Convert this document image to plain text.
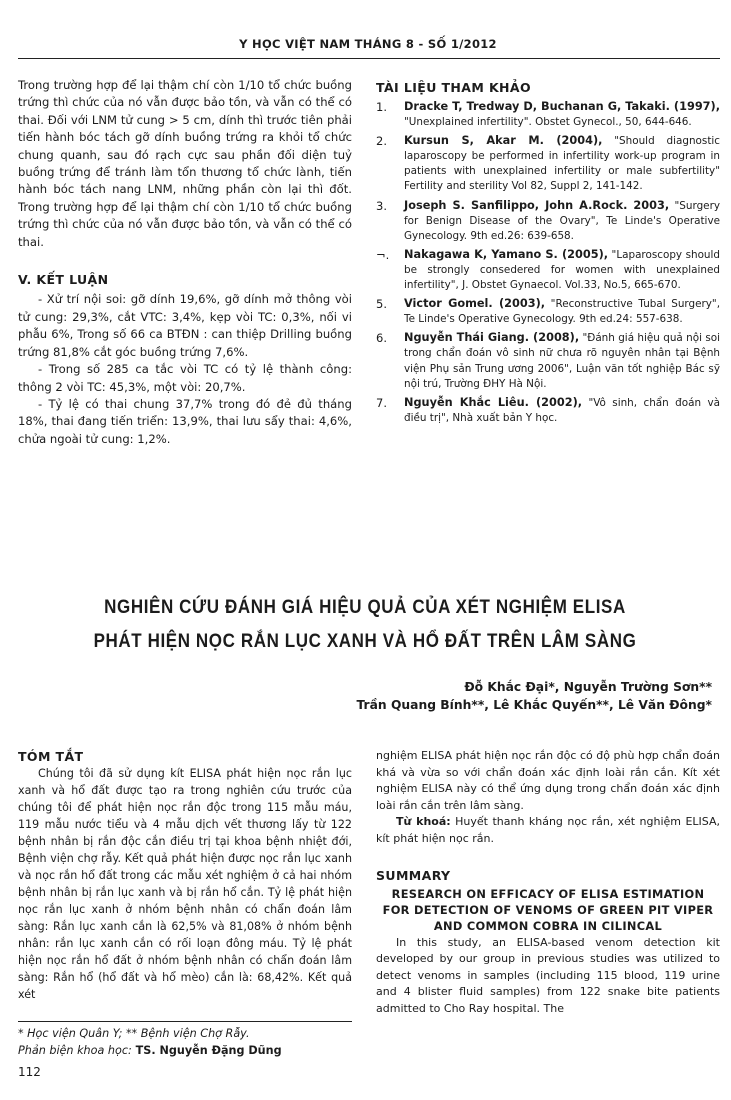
Y HỌC VIỆT NAM THÁNG 8 - SỐ 1/2012

Trong trường hợp để lại thậm chí còn 1/10 tổ chức buồng trứng thì chức của nó vẫn được bảo tồn, và vẫn có thể có thai. Đối với LNM tử cung > 5 cm, dính thì trước tiên phải tiến hành bóc tách gỡ dính buồng trứng ra khỏi tổ chức chung quanh, sau đó rạch cực sau phần đối diện tuỷ buồng trứng để tránh làm tổn thương tổ chức lành, tiến hành bóc tách nang LNM, những phần còn lại thì đốt. Trong trường hợp để lại thậm chí còn 1/10 tổ chức buồng trứng thì chức của nó vẫn được bảo tồn, và vẫn có thể có thai.

V. KẾT LUẬN

- Xử trí nội soi: gỡ dính 19,6%, gỡ dính mở thông vòi tử cung: 29,3%, cắt VTC: 3,4%, kẹp vòi TC: 0,3%, nối vi phẫu 6%, Trong số 66 ca BTĐN : can thiệp Drilling buồng trứng 81,8% cắt góc buồng trứng 7,6%.

- Trong số 285 ca tắc vòi TC có tỷ lệ thành công: thông 2 vòi TC: 45,3%, một vòi: 20,7%.

- Tỷ lệ có thai chung 37,7% trong đó đẻ đủ tháng 18%, thai đang tiến triển: 13,9%, thai lưu sẩy thai: 4,6%, chửa ngoài tử cung: 1,2%.

TÀI LIỆU THAM KHẢO
1.	Dracke T, Tredway D, Buchanan G, Takaki. (1997), "Unexplained infertility". Obstet Gynecol., 50, 644-646.
2.	Kursun S, Akar M. (2004), "Should diagnostic laparoscopy be performed in infertility work-up program in patients with unexplained infertility or male subfertility" Fertility and sterility Vol 82, Suppl 2, 141-142.
3.	Joseph S. Sanfilippo, John A.Rock. 2003, "Surgery for Benign Disease of the Ovary", Te Linde's Operative Gynecology. 9th ed.26: 639-658.
¬.	Nakagawa K, Yamano S. (2005), "Laparoscopy should be strongly consedered for women with unexplained infertility", J. Obstet Gynaecol. Vol.33, No.5, 665-670.
5.	Victor Gomel. (2003), "Reconstructive Tubal Surgery", Te Linde's Operative Gynecology. 9th ed.24: 557-638.
6.	Nguyễn Thái Giang. (2008), "Đánh giá hiệu quả nội soi trong chẩn đoán vô sinh nữ chưa rõ nguyên nhân tại Bệnh viện Phụ sản Trung ương 2006", Luận văn tốt nghiệp Bác sỹ nội trú, Trường ĐHY Hà Nội.
7.	Nguyễn Khắc Liêu. (2002), "Vô sinh, chẩn đoán và điều trị", Nhà xuất bản Y học.
NGHIÊN CỨU ĐÁNH GIÁ HIỆU QUẢ CỦA XÉT NGHIỆM ELISA
PHÁT HIỆN NỌC RẮN LỤC XANH VÀ HỔ ĐẤT TRÊN LÂM SÀNG
Đỗ Khắc Đại*, Nguyễn Trường Sơn**
Trần Quang Bính**, Lê Khắc Quyến**, Lê Văn Đông*
TÓM TẮT

Chúng tôi đã sử dụng kít ELISA phát hiện nọc rắn lục xanh và hổ đất được tạo ra trong nghiên cứu trước của chúng tôi để phát hiện nọc rắn độc trong 115 mẫu máu, 119 mẫu nước tiểu và 4 mẫu dịch vết thương lấy từ 122 bệnh nhân bị rắn độc cắn điều trị tại khoa bệnh nhiệt đới, Bệnh viện chợ rẫy. Kết quả phát hiện được nọc rắn lục xanh và nọc rắn hổ đất trong các mẫu xét nghiệm ở cả hai nhóm bệnh nhân bị rắn lục xanh và bị rắn hổ cắn. Tỷ lệ phát hiện nọc rắn lục xanh ở nhóm bệnh nhân có chẩn đoán lâm sàng: Rắn lục xanh cắn là 62,5% và 81,08% ở nhóm bệnh nhân: rắn lục xanh cắn có rối loạn đông máu. Tỷ lệ phát hiện nọc rắn hổ đất ở nhóm bệnh nhân có chẩn đoán lâm sàng: Rắn hổ (hổ đất và hổ mèo) cắn là: 68,42%. Kết quả xét

nghiệm ELISA phát hiện nọc rắn độc có độ phù hợp chẩn đoán khá và vừa so với chẩn đoán xác định loài rắn cắn. Kít xét nghiệm ELISA này có thể ứng dụng trong chẩn đoán xác định loài rắn cắn trên lâm sàng.

Từ khoá: Huyết thanh kháng nọc rắn, xét nghiệm ELISA, kít phát hiện nọc rắn.

SUMMARY
RESEARCH ON EFFICACY OF ELISA ESTIMATION FOR DETECTION OF VENOMS OF GREEN PIT VIPER AND COMMON COBRA IN CILINCAL

In this study, an ELISA-based venom detection kit developed by our group in previous studies was utilized to detect venoms in samples (including 115 blood, 119 urine and 4 blister fluid samples) from 122 snake bite patients admitted to Cho Ray hospital. The

* Học viện Quân Y; ** Bệnh viện Chợ Rẫy.
Phản biện khoa học: TS. Nguyễn Đặng Dũng
112
